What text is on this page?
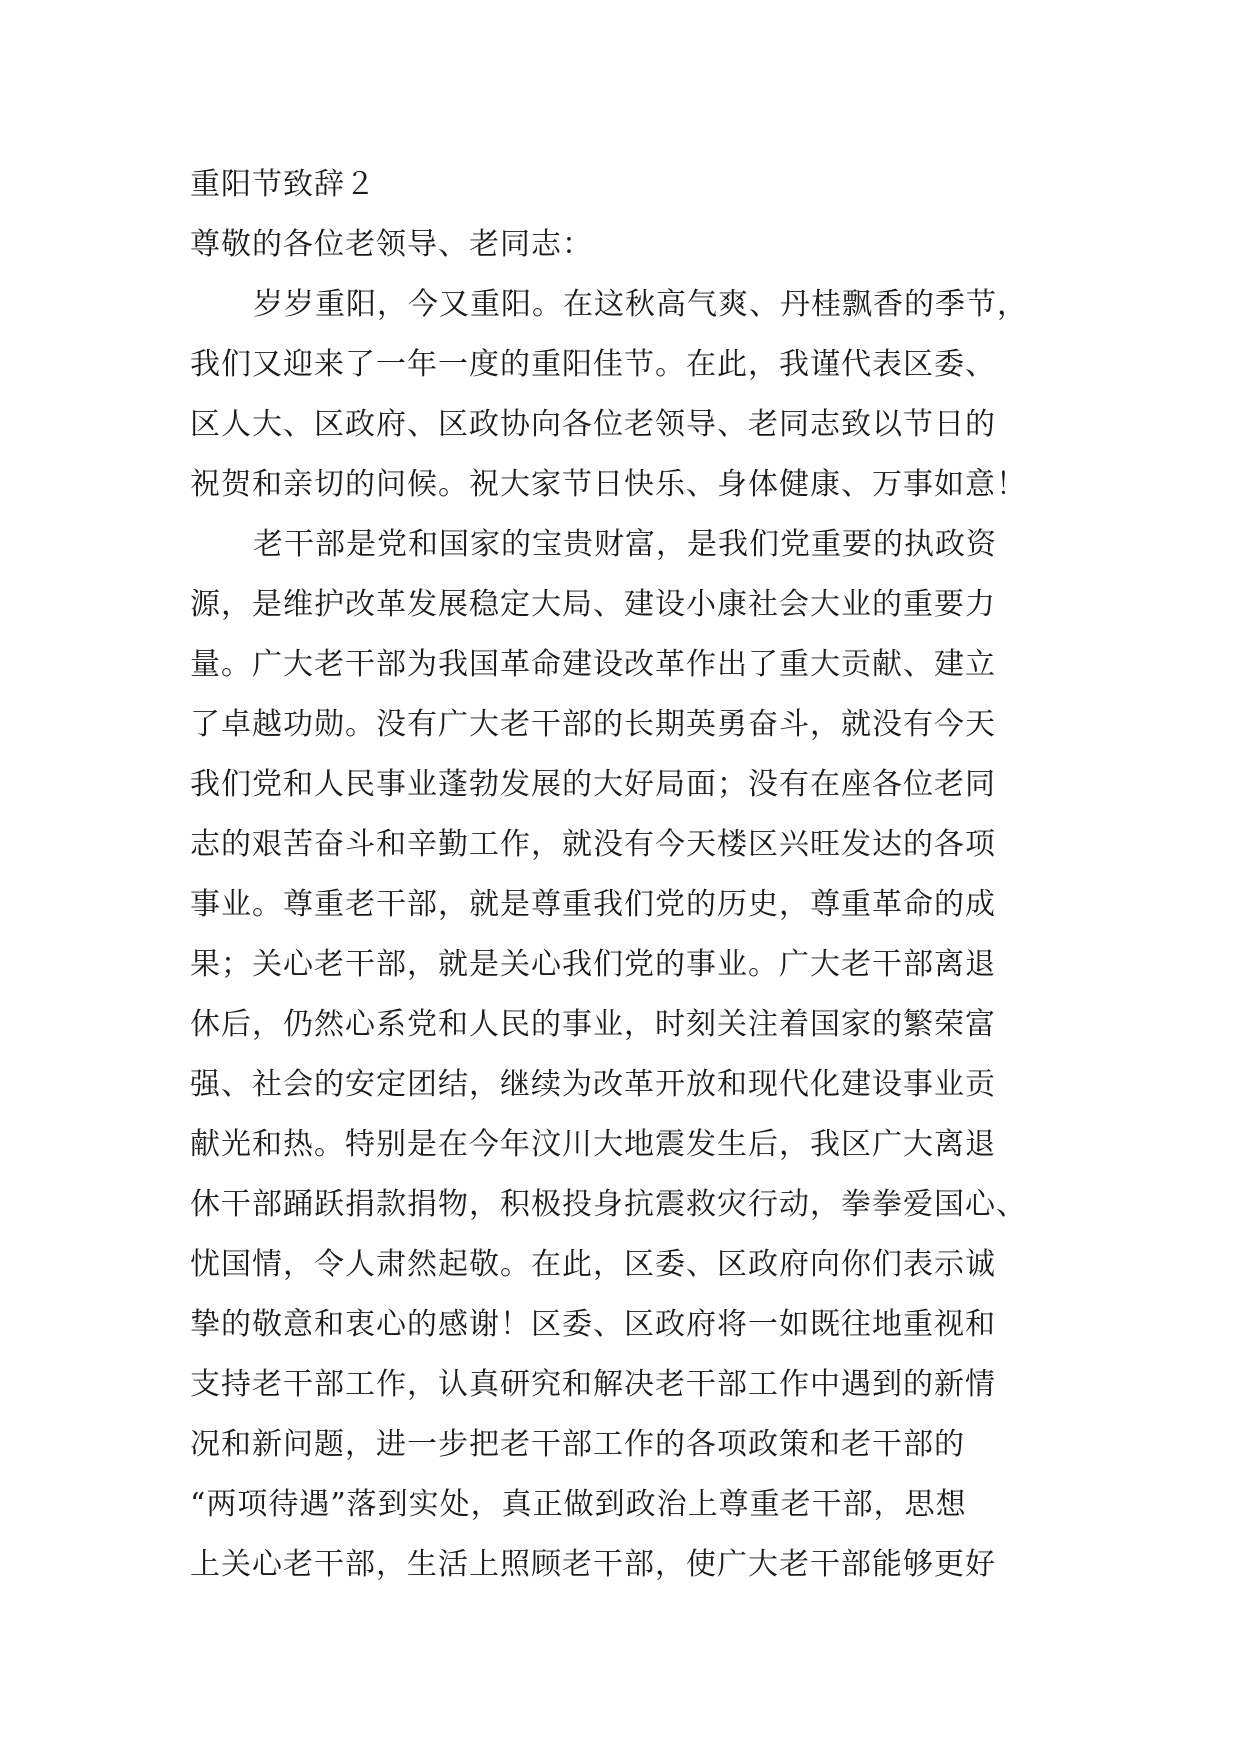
重阳节致辞２
尊敬的各位老领导、老同志：
岁岁重阳，今又重阳。在这秋高气爽、丹桂飘香的季节，
我们又迎来了一年一度的重阳佳节。在此，我谨代表区委、
区人大、区政府、区政协向各位老领导、老同志致以节日的
祝贺和亲切的问候。祝大家节日快乐、身体健康、万事如意！
老干部是党和国家的宝贵财富，是我们党重要的执政资
源，是维护改革发展稳定大局、建设小康社会大业的重要力
量。广大老干部为我国革命建设改革作出了重大贡献、建立
了卓越功勋。没有广大老干部的长期英勇奋斗，就没有今天
我们党和人民事业蓬勃发展的大好局面；没有在座各位老同
志的艰苦奋斗和辛勤工作，就没有今天楼区兴旺发达的各项
事业。尊重老干部，就是尊重我们党的历史，尊重革命的成
果；关心老干部，就是关心我们党的事业。广大老干部离退
休后，仍然心系党和人民的事业，时刻关注着国家的繁荣富
强、社会的安定团结，继续为改革开放和现代化建设事业贡
献光和热。特别是在今年汶川大地震发生后，我区广大离退
休干部踊跃捐款捐物，积极投身抗震救灾行动，拳拳爱国心、
忧国情，令人肃然起敬。在此，区委、区政府向你们表示诚
挚的敬意和衷心的感谢！区委、区政府将一如既往地重视和
支持老干部工作，认真研究和解决老干部工作中遇到的新情
况和新问题，进一步把老干部工作的各项政策和老干部的
“两项待遇”落到实处，真正做到政治上尊重老干部，思想
上关心老干部，生活上照顾老干部，使广大老干部能够更好
